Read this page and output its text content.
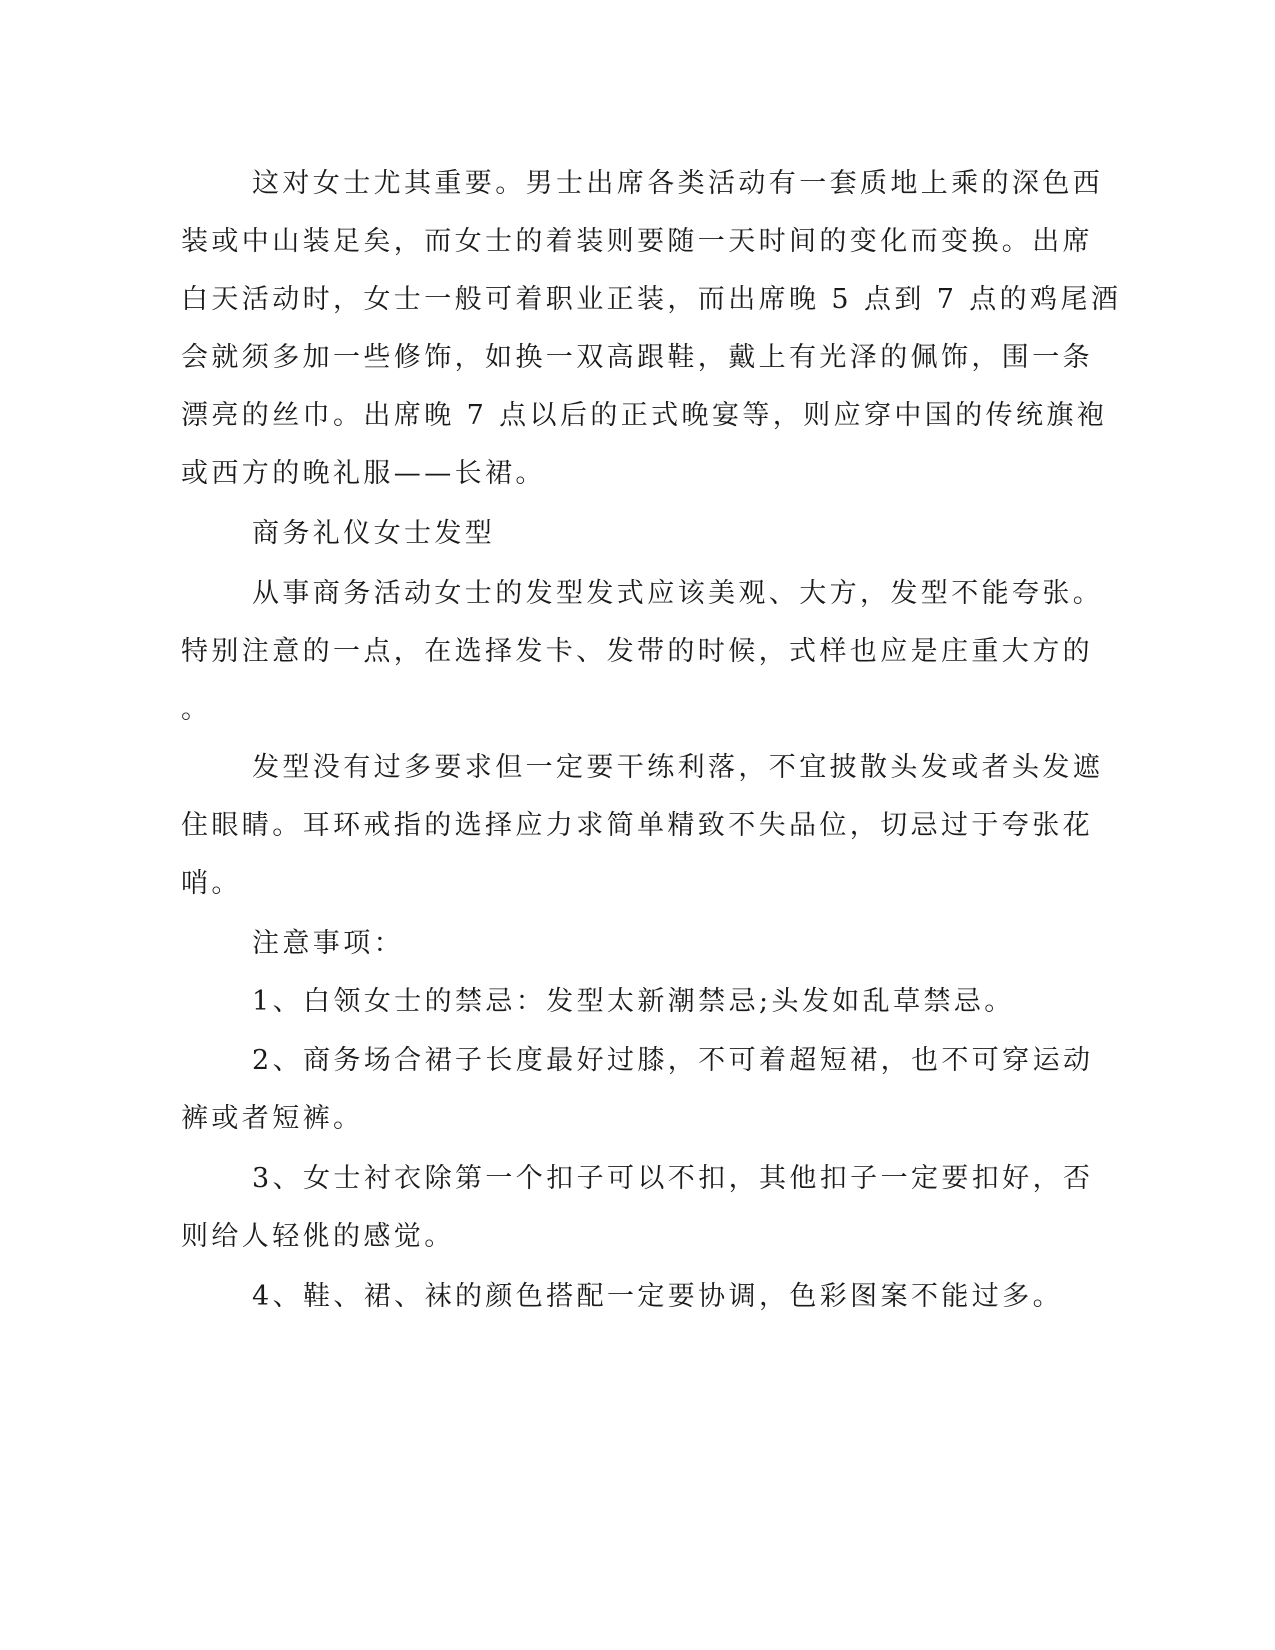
这对女士尤其重要。男士出席各类活动有一套质地上乘的深色西
装或中山装足矣，而女士的着装则要随一天时间的变化而变换。出席
白天活动时，女士一般可着职业正装，而出席晚 5 点到 7 点的鸡尾酒
会就须多加一些修饰，如换一双高跟鞋，戴上有光泽的佩饰，围一条
漂亮的丝巾。出席晚 7 点以后的正式晚宴等，则应穿中国的传统旗袍
或西方的晚礼服——长裙。
商务礼仪女士发型
从事商务活动女士的发型发式应该美观、大方，发型不能夸张。
特别注意的一点，在选择发卡、发带的时候，式样也应是庄重大方的
。
发型没有过多要求但一定要干练利落，不宜披散头发或者头发遮
住眼睛。耳环戒指的选择应力求简单精致不失品位，切忌过于夸张花
哨。
注意事项：
1、白领女士的禁忌：发型太新潮禁忌;头发如乱草禁忌。
2、商务场合裙子长度最好过膝，不可着超短裙，也不可穿运动
裤或者短裤。
3、女士衬衣除第一个扣子可以不扣，其他扣子一定要扣好，否
则给人轻佻的感觉。
4、鞋、裙、袜的颜色搭配一定要协调，色彩图案不能过多。
